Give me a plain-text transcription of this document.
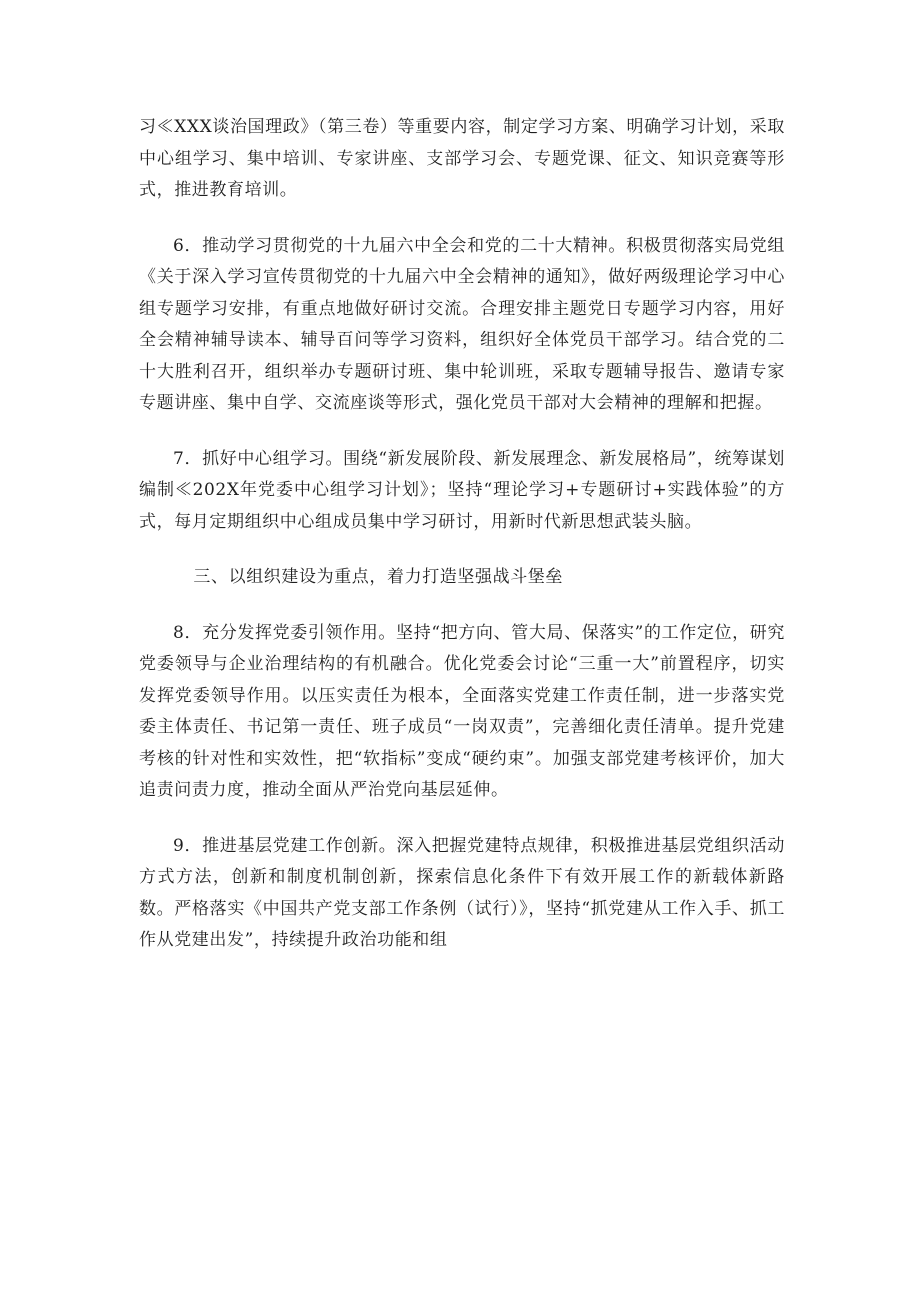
习≪XXX谈治国理政》（第三卷）等重要内容，制定学习方案、明确学习计划，采取中心组学习、集中培训、专家讲座、支部学习会、专题党课、征文、知识竞赛等形式，推进教育培训。

6．推动学习贯彻党的十九届六中全会和党的二十大精神。积极贯彻落实局党组《关于深入学习宣传贯彻党的十九届六中全会精神的通知》，做好两级理论学习中心组专题学习安排，有重点地做好研讨交流。合理安排主题党日专题学习内容，用好全会精神辅导读本、辅导百问等学习资料，组织好全体党员干部学习。结合党的二十大胜利召开，组织举办专题研讨班、集中轮训班，采取专题辅导报告、邀请专家专题讲座、集中自学、交流座谈等形式，强化党员干部对大会精神的理解和把握。

7．抓好中心组学习。围绕“新发展阶段、新发展理念、新发展格局”，统筹谋划编制≪202X年党委中心组学习计划》；坚持“理论学习+专题研讨+实践体验”的方式，每月定期组织中心组成员集中学习研讨，用新时代新思想武装头脑。

三、以组织建设为重点，着力打造坚强战斗堡垒

8．充分发挥党委引领作用。坚持“把方向、管大局、保落实”的工作定位，研究党委领导与企业治理结构的有机融合。优化党委会讨论“三重一大”前置程序，切实发挥党委领导作用。以压实责任为根本，全面落实党建工作责任制，进一步落实党委主体责任、书记第一责任、班子成员“一岗双责”，完善细化责任清单。提升党建考核的针对性和实效性，把“软指标”变成“硬约束”。加强支部党建考核评价，加大追责问责力度，推动全面从严治党向基层延伸。

9．推进基层党建工作创新。深入把握党建特点规律，积极推进基层党组织活动方式方法，创新和制度机制创新，探索信息化条件下有效开展工作的新载体新路数。严格落实《中国共产党支部工作条例（试行）》，坚持“抓党建从工作入手、抓工作从党建出发”，持续提升政治功能和组
